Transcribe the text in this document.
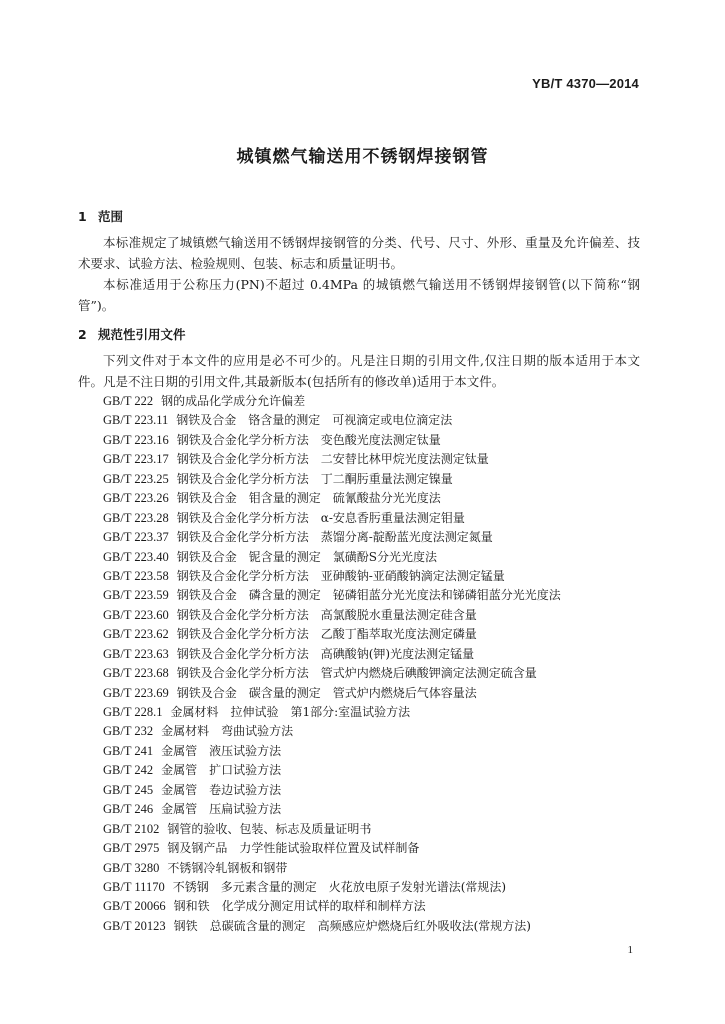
YB/T 4370—2014
城镇燃气输送用不锈钢焊接钢管
1 范围

本标准规定了城镇燃气输送用不锈钢焊接钢管的分类、代号、尺寸、外形、重量及允许偏差、技术要求、试验方法、检验规则、包装、标志和质量证明书。

本标准适用于公称压力(PN)不超过 0.4MPa 的城镇燃气输送用不锈钢焊接钢管(以下简称“钢管”)。

2 规范性引用文件

下列文件对于本文件的应用是必不可少的。凡是注日期的引用文件,仅注日期的版本适用于本文件。凡是不注日期的引用文件,其最新版本(包括所有的修改单)适用于本文件。

GB/T 222 钢的成品化学成分允许偏差
GB/T 223.11 钢铁及合金　铬含量的测定　可视滴定或电位滴定法
GB/T 223.16 钢铁及合金化学分析方法　变色酸光度法测定钛量
GB/T 223.17 钢铁及合金化学分析方法　二安替比林甲烷光度法测定钛量
GB/T 223.25 钢铁及合金化学分析方法　丁二酮肟重量法测定镍量
GB/T 223.26 钢铁及合金　钼含量的测定　硫氰酸盐分光光度法
GB/T 223.28 钢铁及合金化学分析方法　α-安息香肟重量法测定钼量
GB/T 223.37 钢铁及合金化学分析方法　蒸馏分离-靛酚蓝光度法测定氮量
GB/T 223.40 钢铁及合金　铌含量的测定　氯磺酚S分光光度法
GB/T 223.58 钢铁及合金化学分析方法　亚砷酸钠-亚硝酸钠滴定法测定锰量
GB/T 223.59 钢铁及合金　磷含量的测定　铋磷钼蓝分光光度法和锑磷钼蓝分光光度法
GB/T 223.60 钢铁及合金化学分析方法　高氯酸脱水重量法测定硅含量
GB/T 223.62 钢铁及合金化学分析方法　乙酸丁酯萃取光度法测定磷量
GB/T 223.63 钢铁及合金化学分析方法　高碘酸钠(钾)光度法测定锰量
GB/T 223.68 钢铁及合金化学分析方法　管式炉内燃烧后碘酸钾滴定法测定硫含量
GB/T 223.69 钢铁及合金　碳含量的测定　管式炉内燃烧后气体容量法
GB/T 228.1 金属材料　拉伸试验　第1部分:室温试验方法
GB/T 232 金属材料　弯曲试验方法
GB/T 241 金属管　液压试验方法
GB/T 242 金属管　扩口试验方法
GB/T 245 金属管　卷边试验方法
GB/T 246 金属管　压扁试验方法
GB/T 2102 钢管的验收、包装、标志及质量证明书
GB/T 2975 钢及钢产品　力学性能试验取样位置及试样制备
GB/T 3280 不锈钢冷轧钢板和钢带
GB/T 11170 不锈钢　多元素含量的测定　火花放电原子发射光谱法(常规法)
GB/T 20066 钢和铁　化学成分测定用试样的取样和制样方法
GB/T 20123 钢铁　总碳硫含量的测定　高频感应炉燃烧后红外吸收法(常规方法)
1
